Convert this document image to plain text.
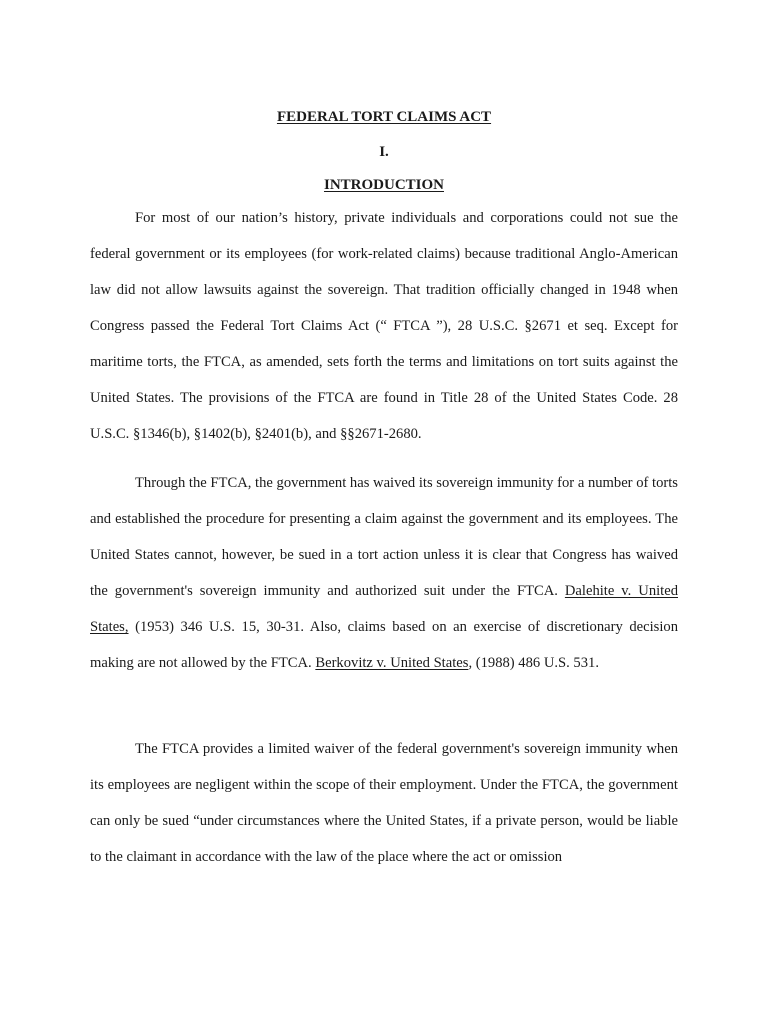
FEDERAL TORT CLAIMS ACT
I.
INTRODUCTION

For most of our nation’s history, private individuals and corporations could not sue the federal government or its employees (for work-related claims) because traditional Anglo-American law did not allow lawsuits against the sovereign. That tradition officially changed in 1948 when Congress passed the Federal Tort Claims Act (“ FTCA ”), 28 U.S.C. §2671 et seq. Except for maritime torts, the FTCA, as amended, sets forth the terms and limitations on tort suits against the United States. The provisions of the FTCA are found in Title 28 of the United States Code. 28 U.S.C. §1346(b), §1402(b), §2401(b), and §§2671-2680.

Through the FTCA, the government has waived its sovereign immunity for a number of torts and established the procedure for presenting a claim against the government and its employees. The United States cannot, however, be sued in a tort action unless it is clear that Congress has waived the government's sovereign immunity and authorized suit under the FTCA. Dalehite v. United States, (1953) 346 U.S. 15, 30-31. Also, claims based on an exercise of discretionary decision making are not allowed by the FTCA. Berkovitz v. United States, (1988) 486 U.S. 531.

The FTCA provides a limited waiver of the federal government's sovereign immunity when its employees are negligent within the scope of their employment. Under the FTCA, the government can only be sued “under circumstances where the United States, if a private person, would be liable to the claimant in accordance with the law of the place where the act or omission
